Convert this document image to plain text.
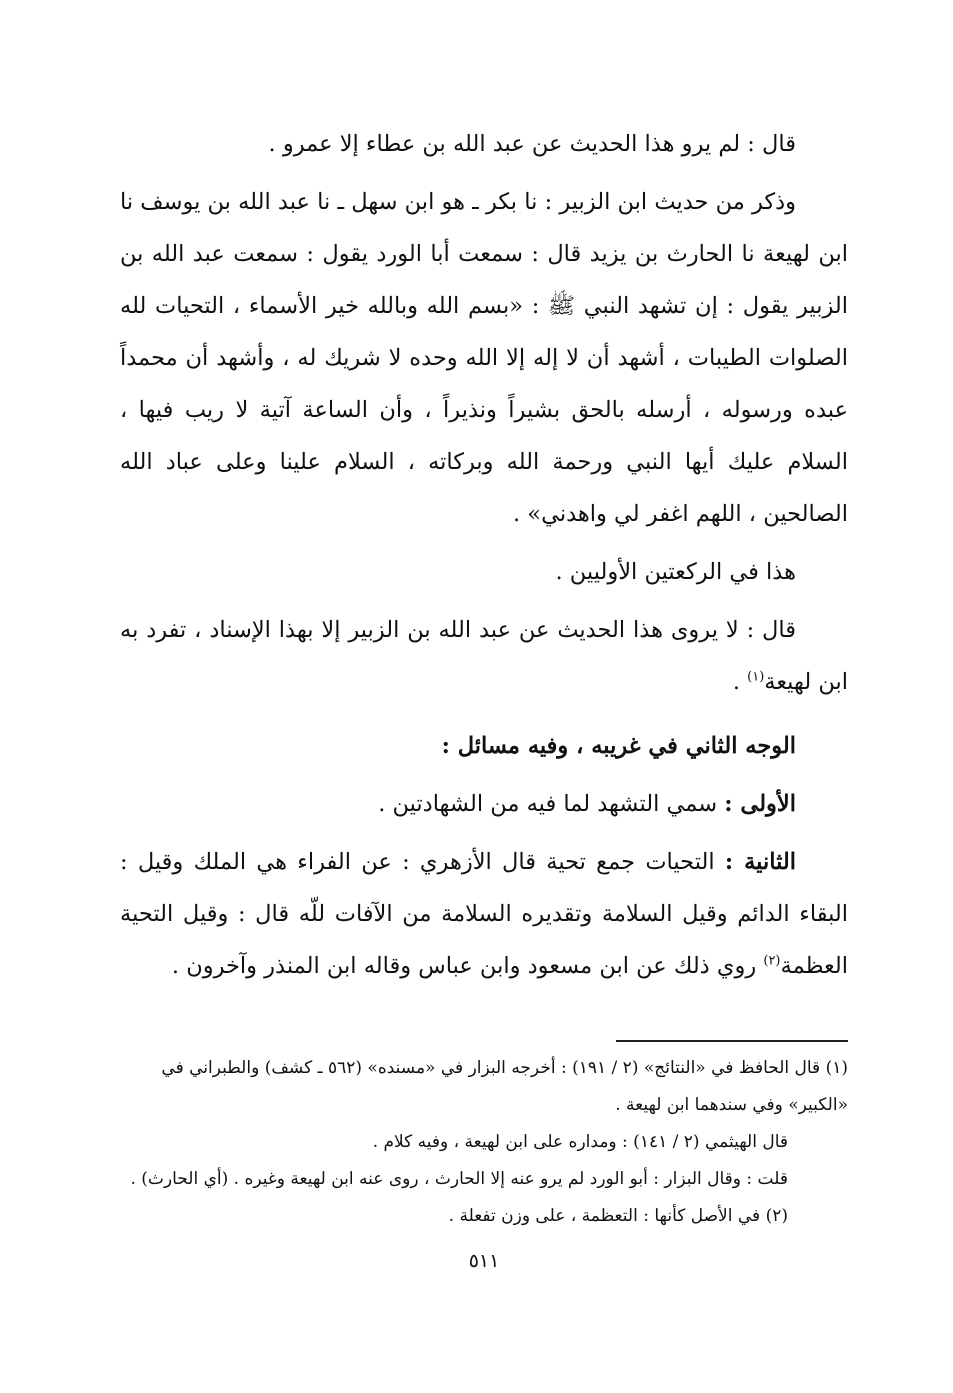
قال : لم يرو هذا الحديث عن عبد الله بن عطاء إلا عمرو .

وذكر من حديث ابن الزبير : نا بكر ـ هو ابن سهل ـ نا عبد الله بن يوسف نا ابن لهيعة نا الحارث بن يزيد قال : سمعت أبا الورد يقول : سمعت عبد الله بن الزبير يقول : إن تشهد النبي ﷺ : «بسم الله وبالله خير الأسماء ، التحيات لله الصلوات الطيبات ، أشهد أن لا إله إلا الله وحده لا شريك له ، وأشهد أن محمداً عبده ورسوله ، أرسله بالحق بشيراً ونذيراً ، وأن الساعة آتية لا ريب فيها ، السلام عليك أيها النبي ورحمة الله وبركاته ، السلام علينا وعلى عباد الله الصالحين ، اللهم اغفر لي واهدني» .

هذا في الركعتين الأوليين .

قال : لا يروى هذا الحديث عن عبد الله بن الزبير إلا بهذا الإسناد ، تفرد به ابن لهيعة$^{(١)}$ .

الوجه الثاني في غريبه ، وفيه مسائل :

الأولى : سمي التشهد لما فيه من الشهادتين .

الثانية : التحيات جمع تحية قال الأزهري : عن الفراء هي الملك وقيل : البقاء الدائم وقيل السلامة وتقديره السلامة من الآفات للّه قال : وقيل التحية العظمة$^{(٢)}$ روي ذلك عن ابن مسعود وابن عباس وقاله ابن المنذر وآخرون .

(١) قال الحافظ في «النتائج» (٢ / ١٩١) : أخرجه البزار في «مسنده» (٥٦٢ ـ كشف) والطبراني في «الكبير» وفي سندهما ابن لهيعة .

قال الهيثمي (٢ / ١٤١) : ومداره على ابن لهيعة ، وفيه كلام .

قلت : وقال البزار : أبو الورد لم يرو عنه إلا الحارث ، روى عنه ابن لهيعة وغيره . (أي الحارث) .

(٢) في الأصل كأنها : التعظمة ، على وزن تفعلة .

٥١١
